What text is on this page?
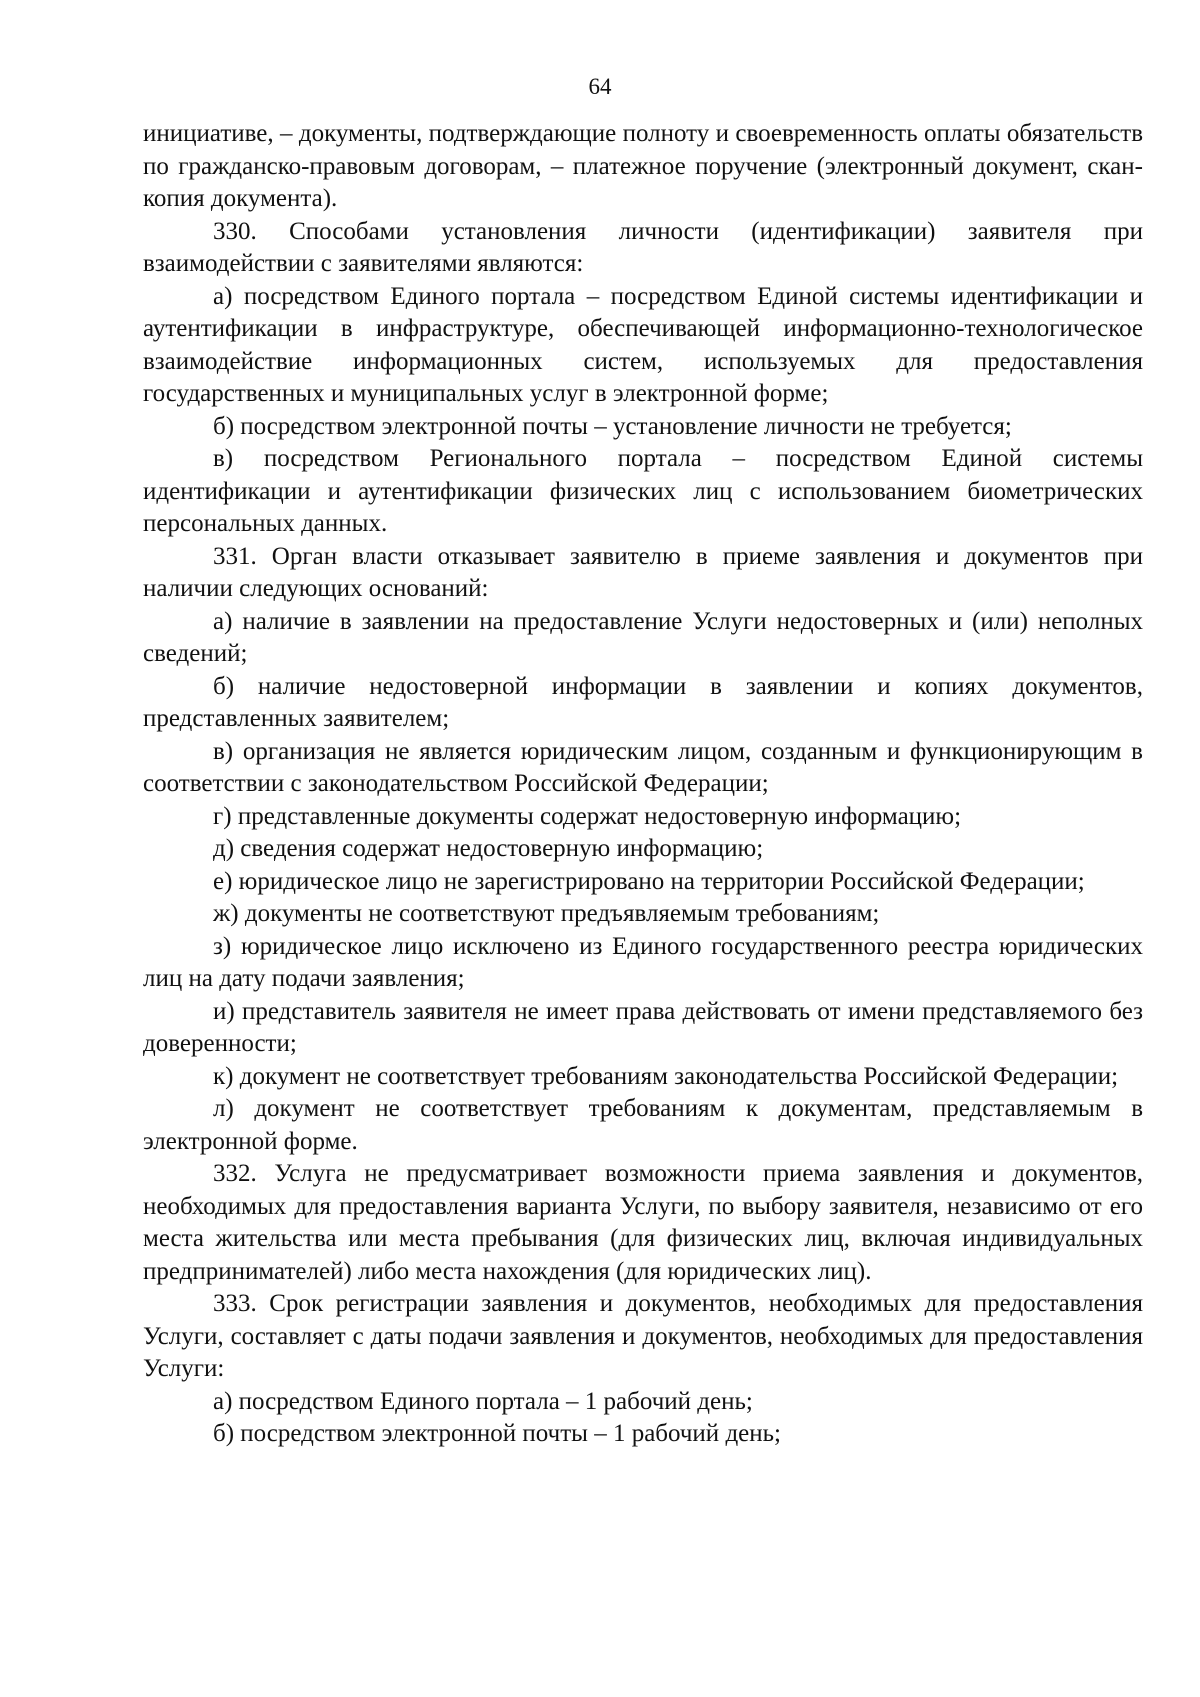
64

инициативе, – документы, подтверждающие полноту и своевременность оплаты обязательств по гражданско-правовым договорам, – платежное поручение (электронный документ, скан-копия документа).

330. Способами установления личности (идентификации) заявителя при взаимодействии с заявителями являются:

а) посредством Единого портала – посредством Единой системы идентификации и аутентификации в инфраструктуре, обеспечивающей информационно-технологическое взаимодействие информационных систем, используемых для предоставления государственных и муниципальных услуг в электронной форме;

б) посредством электронной почты – установление личности не требуется;

в) посредством Регионального портала – посредством Единой системы идентификации и аутентификации физических лиц с использованием биометрических персональных данных.

331. Орган власти отказывает заявителю в приеме заявления и документов при наличии следующих оснований:

а) наличие в заявлении на предоставление Услуги недостоверных и (или) неполных сведений;

б) наличие недостоверной информации в заявлении и копиях документов, представленных заявителем;

в) организация не является юридическим лицом, созданным и функционирующим в соответствии с законодательством Российской Федерации;

г) представленные документы содержат недостоверную информацию;

д) сведения содержат недостоверную информацию;

е) юридическое лицо не зарегистрировано на территории Российской Федерации;

ж) документы не соответствуют предъявляемым требованиям;

з) юридическое лицо исключено из Единого государственного реестра юридических лиц на дату подачи заявления;

и) представитель заявителя не имеет права действовать от имени представляемого без доверенности;

к) документ не соответствует требованиям законодательства Российской Федерации;

л) документ не соответствует требованиям к документам, представляемым в электронной форме.

332. Услуга не предусматривает возможности приема заявления и документов, необходимых для предоставления варианта Услуги, по выбору заявителя, независимо от его места жительства или места пребывания (для физических лиц, включая индивидуальных предпринимателей) либо места нахождения (для юридических лиц).

333. Срок регистрации заявления и документов, необходимых для предоставления Услуги, составляет с даты подачи заявления и документов, необходимых для предоставления Услуги:

а) посредством Единого портала – 1 рабочий день;

б) посредством электронной почты – 1 рабочий день;
